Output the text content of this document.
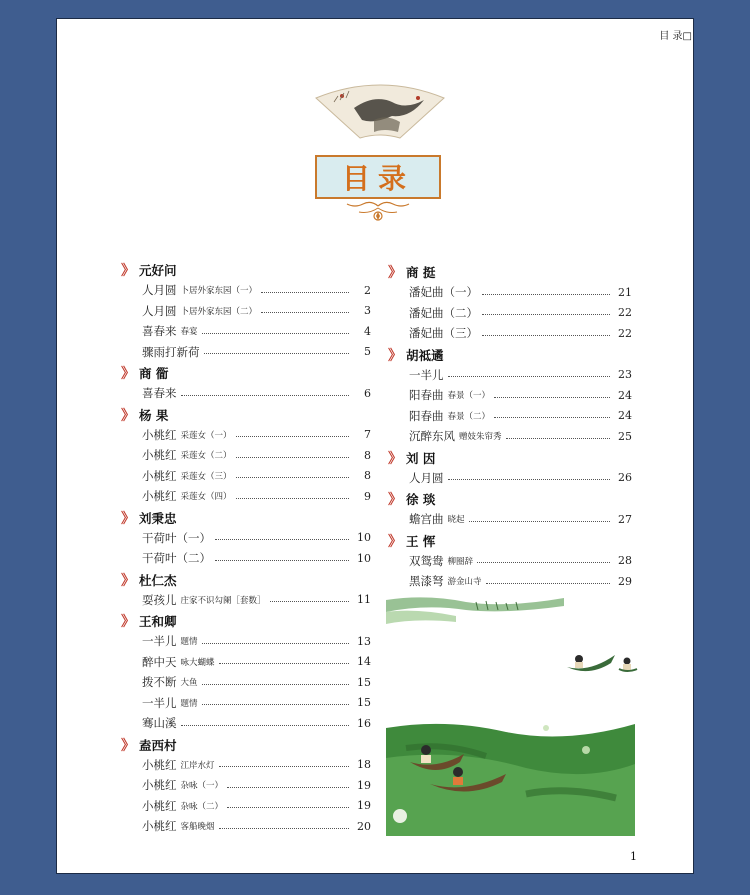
目 录□
目录
》 元好问
人月圆 卜居外家东园（一）	2
人月圆 卜居外家东园（二）	3
喜春来 春宴	4
骤雨打新荷	5
》 商 衟
喜春来	6
》 杨 果
小桃红 采莲女（一）	7
小桃红 采莲女（二）	8
小桃红 采莲女（三）	8
小桃红 采莲女（四）	9
》 刘秉忠
干荷叶（一）	10
干荷叶（二）	10
》 杜仁杰
耍孩儿 庄家不识勾阑［套数］	11
》 王和卿
一半儿 题情	13
醉中天 咏大蝴蝶	14
拨不断 大鱼	15
一半儿 题情	15
骞山溪	16
》 盍西村
小桃红 江岸水灯	18
小桃红 杂咏（一）	19
小桃红 杂咏（二）	19
小桃红 客船晚烟	20
》 商 挺
潘妃曲（一）	21
潘妃曲（二）	22
潘妃曲（三）	22
》 胡祗遹
一半儿	23
阳春曲 春景（一）	24
阳春曲 春景（二）	24
沉醉东风 赠妓朱帘秀	25
》 刘 因
人月圆	26
》 徐 琰
蟾宫曲 晓起	27
》 王 恽
双鸳鸯 柳圈辞	28
黑漆弩 游金山寺	29
1
